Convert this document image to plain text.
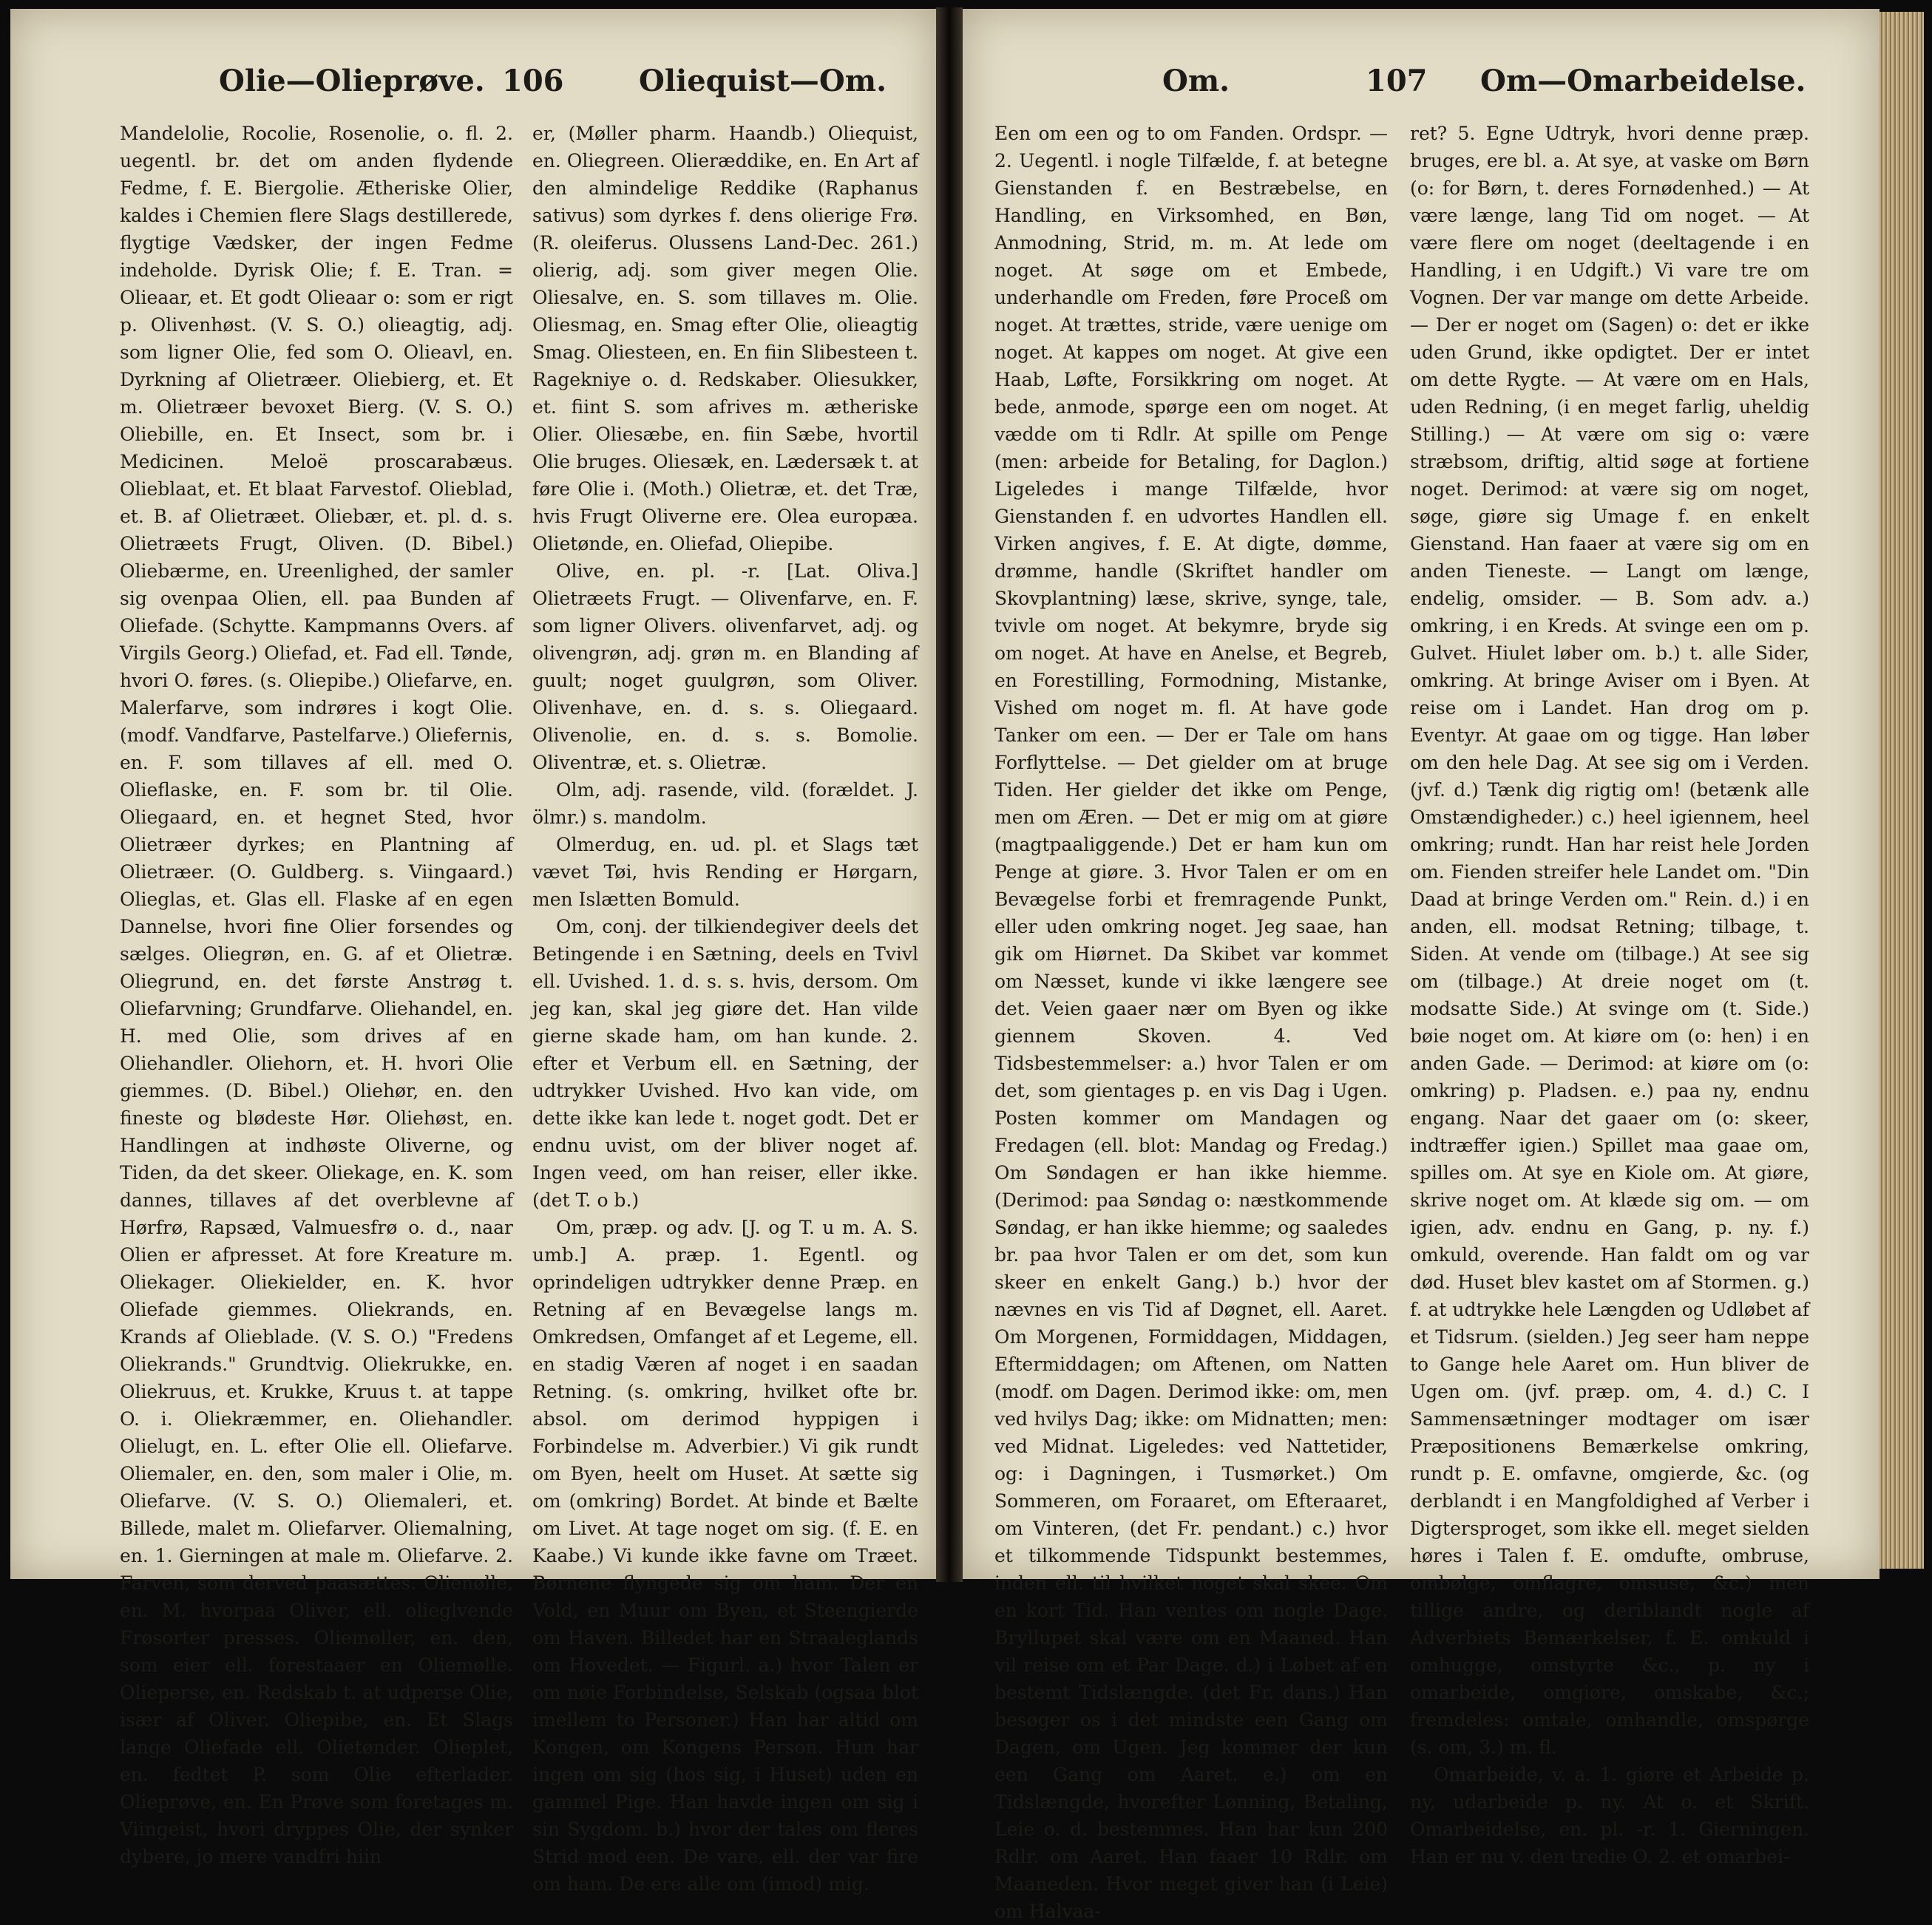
Olie—Olieprøve. 106	Oliequist—Om.

Mandelolie, Rocolie, Rosenolie, o. fl. 2. uegentl. br. det om anden flydende Fedme, f. E. Biergolie. Ætheriske Olier, kaldes i Chemien flere Slags destillerede, flygtige Vædsker, der ingen Fedme indeholde. Dyrisk Olie; f. E. Tran. = Olieaar, et. Et godt Olieaar o: som er rigt p. Olivenhøst. (V. S. O.) olieagtig, adj. som ligner Olie, fed som O. Olieavl, en. Dyrkning af Olietræer. Oliebierg, et. Et m. Olietræer bevoxet Bierg. (V. S. O.) Oliebille, en. Et Insect, som br. i Medicinen. Meloë proscarabæus. Olieblaat, et. Et blaat Farvestof. Olieblad, et. B. af Olietræet. Oliebær, et. pl. d. s. Olietræets Frugt, Oliven. (D. Bibel.) Oliebærme, en. Ureenlighed, der samler sig ovenpaa Olien, ell. paa Bunden af Oliefade. (Schytte. Kampmanns Overs. af Virgils Georg.) Oliefad, et. Fad ell. Tønde, hvori O. føres. (s. Oliepibe.) Oliefarve, en. Malerfarve, som indrøres i kogt Olie. (modf. Vandfarve, Pastelfarve.) Oliefernis, en. F. som tillaves af ell. med O. Olieflaske, en. F. som br. til Olie. Oliegaard, en. et hegnet Sted, hvor Olietræer dyrkes; en Plantning af Olietræer. (O. Guldberg. s. Viingaard.) Olieglas, et. Glas ell. Flaske af en egen Dannelse, hvori fine Olier forsendes og sælges. Oliegrøn, en. G. af et Olietræ. Oliegrund, en. det første Anstrøg t. Oliefarvning; Grundfarve. Oliehandel, en. H. med Olie, som drives af en Oliehandler. Oliehorn, et. H. hvori Olie giemmes. (D. Bibel.) Oliehør, en. den fineste og blødeste Hør. Oliehøst, en. Handlingen at indhøste Oliverne, og Tiden, da det skeer. Oliekage, en. K. som dannes, tillaves af det overblevne af Hørfrø, Rapsæd, Valmuesfrø o. d., naar Olien er afpresset. At fore Kreature m. Oliekager. Oliekielder, en. K. hvor Oliefade giemmes. Oliekrands, en. Krands af Olieblade. (V. S. O.) "Fredens Oliekrands." Grundtvig. Oliekrukke, en. Oliekruus, et. Krukke, Kruus t. at tappe O. i. Oliekræmmer, en. Oliehandler. Olielugt, en. L. efter Olie ell. Oliefarve. Oliemaler, en. den, som maler i Olie, m. Oliefarve. (V. S. O.) Oliemaleri, et. Billede, malet m. Oliefarver. Oliemalning, en. 1. Gierningen at male m. Oliefarve. 2. Farven, som derved paasættes. Olienølle, en. M. hvorpaa Oliver, ell. olieglvende Frøsorter presses. Oliemøller, en. den, som eier ell. forestaaer en Oliemølle. Olieperse, en. Redskab t. at udperse Olie, især af Oliver. Oliepibe, en. Et Slags lange Oliefade ell. Olietønder. Olieplet, en. fedtet P. som Olie efterlader. Olieprøve, en. En Prøve som foretages m. Viingeist, hvori dryppes Olie, der synker dybere, jo mere vandfri hiin

er, (Møller pharm. Haandb.) Oliequist, en. Oliegreen. Olieræddike, en. En Art af den almindelige Reddike (Raphanus sativus) som dyrkes f. dens olierige Frø. (R. oleiferus. Olussens Land-Dec. 261.) olierig, adj. som giver megen Olie. Oliesalve, en. S. som tillaves m. Olie. Oliesmag, en. Smag efter Olie, olieagtig Smag. Oliesteen, en. En fiin Slibesteen t. Ragekniye o. d. Redskaber. Oliesukker, et. fiint S. som afrives m. ætheriske Olier. Oliesæbe, en. fiin Sæbe, hvortil Olie bruges. Oliesæk, en. Lædersæk t. at føre Olie i. (Moth.) Olietræ, et. det Træ, hvis Frugt Oliverne ere. Olea europæa. Olietønde, en. Oliefad, Oliepibe.

Olive, en. pl. -r. [Lat. Oliva.] Olietræets Frugt. — Olivenfarve, en. F. som ligner Olivers. olivenfarvet, adj. og olivengrøn, adj. grøn m. en Blanding af guult; noget guulgrøn, som Oliver. Olivenhave, en. d. s. s. Oliegaard. Olivenolie, en. d. s. s. Bomolie. Oliventræ, et. s. Olietræ.

Olm, adj. rasende, vild. (forældet. J. ölmr.) s. mandolm.

Olmerdug, en. ud. pl. et Slags tæt vævet Tøi, hvis Rending er Hørgarn, men Islætten Bomuld.

Om, conj. der tilkiendegiver deels det Betingende i en Sætning, deels en Tvivl ell. Uvished. 1. d. s. s. hvis, dersom. Om jeg kan, skal jeg giøre det. Han vilde gierne skade ham, om han kunde. 2. efter et Verbum ell. en Sætning, der udtrykker Uvished. Hvo kan vide, om dette ikke kan lede t. noget godt. Det er endnu uvist, om der bliver noget af. Ingen veed, om han reiser, eller ikke. (det T. o b.)

Om, præp. og adv. [J. og T. u m. A. S. umb.] A. præp. 1. Egentl. og oprindeligen udtrykker denne Præp. en Retning af en Bevægelse langs m. Omkredsen, Omfanget af et Legeme, ell. en stadig Væren af noget i en saadan Retning. (s. omkring, hvilket ofte br. absol. om derimod hyppigen i Forbindelse m. Adverbier.) Vi gik rundt om Byen, heelt om Huset. At sætte sig om (omkring) Bordet. At binde et Bælte om Livet. At tage noget om sig. (f. E. en Kaabe.) Vi kunde ikke favne om Træet. Børnene flyngede sig om ham. Der en Vold, en Muur om Byen, et Steengierde om Haven. Billedet har en Straaleglands om Hovedet. — Figurl. a.) hvor Talen er om nøie Forbindelse, Selskab (ogsaa blot imellem to Personer.) Han har altid om Kongen, om Kongens Person. Hun har ingen om sig (hos sig, i Huset) uden en gammel Pige. Han havde ingen om sig i sin Sygdom. b.) hvor der tales om fleres Strid mod een. De vare, ell. der var fire om ham. De ere alle om (imod) mig.

Om.	107 Om—Omarbeidelse.

Een om een og to om Fanden. Ordspr. — 2. Uegentl. i nogle Tilfælde, f. at betegne Gienstanden f. en Bestræbelse, en Handling, en Virksomhed, en Bøn, Anmodning, Strid, m. m. At lede om noget. At søge om et Embede, underhandle om Freden, føre Proceß om noget. At trættes, stride, være uenige om noget. At kappes om noget. At give een Haab, Løfte, Forsikkring om noget. At bede, anmode, spørge een om noget. At vædde om ti Rdlr. At spille om Penge (men: arbeide for Betaling, for Daglon.) Ligeledes i mange Tilfælde, hvor Gienstanden f. en udvortes Handlen ell. Virken angives, f. E. At digte, dømme, drømme, handle (Skriftet handler om Skovplantning) læse, skrive, synge, tale, tvivle om noget. At bekymre, bryde sig om noget. At have en Anelse, et Begreb, en Forestilling, Formodning, Mistanke, Vished om noget m. fl. At have gode Tanker om een. — Der er Tale om hans Forflyttelse. — Det gielder om at bruge Tiden. Her gielder det ikke om Penge, men om Æren. — Det er mig om at giøre (magtpaaliggende.) Det er ham kun om Penge at giøre. 3. Hvor Talen er om en Bevægelse forbi et fremragende Punkt, eller uden omkring noget. Jeg saae, han gik om Hiørnet. Da Skibet var kommet om Næsset, kunde vi ikke længere see det. Veien gaaer nær om Byen og ikke giennem Skoven. 4. Ved Tidsbestemmelser: a.) hvor Talen er om det, som gientages p. en vis Dag i Ugen. Posten kommer om Mandagen og Fredagen (ell. blot: Mandag og Fredag.) Om Søndagen er han ikke hiemme. (Derimod: paa Søndag o: næstkommende Søndag, er han ikke hiemme; og saaledes br. paa hvor Talen er om det, som kun skeer en enkelt Gang.) b.) hvor der nævnes en vis Tid af Døgnet, ell. Aaret. Om Morgenen, Formiddagen, Middagen, Eftermiddagen; om Aftenen, om Natten (modf. om Dagen. Derimod ikke: om, men ved hvilys Dag; ikke: om Midnatten; men: ved Midnat. Ligeledes: ved Nattetider, og: i Dagningen, i Tusmørket.) Om Sommeren, om Foraaret, om Efteraaret, om Vinteren, (det Fr. pendant.) c.) hvor et tilkommende Tidspunkt bestemmes, inden ell. til hvilket noget skal skee. Om en kort Tid. Han ventes om nogle Dage. Bryllupet skal være om en Maaned. Han vil reise om et Par Dage. d.) i Løbet af en bestemt Tidslængde. (det Fr. dans.) Han besøger os i det mindste een Gang om Dagen, om Ugen. Jeg kommer der kun een Gang om Aaret. e.) om en Tidslængde, hvorefter Lønning, Betaling, Leie o. d. bestemmes. Han har kun 200 Rdlr. om Aaret. Han faaer 10 Rdlr. om Maaneden. Hvor meget giver han (i Leie) om Halvaa-

ret? 5. Egne Udtryk, hvori denne præp. bruges, ere bl. a. At sye, at vaske om Børn (o: for Børn, t. deres Fornødenhed.) — At være længe, lang Tid om noget. — At være flere om noget (deeltagende i en Handling, i en Udgift.) Vi vare tre om Vognen. Der var mange om dette Arbeide. — Der er noget om (Sagen) o: det er ikke uden Grund, ikke opdigtet. Der er intet om dette Rygte. — At være om en Hals, uden Redning, (i en meget farlig, uheldig Stilling.) — At være om sig o: være stræbsom, driftig, altid søge at fortiene noget. Derimod: at være sig om noget, søge, giøre sig Umage f. en enkelt Gienstand. Han faaer at være sig om en anden Tieneste. — Langt om længe, endelig, omsider. — B. Som adv. a.) omkring, i en Kreds. At svinge een om p. Gulvet. Hiulet løber om. b.) t. alle Sider, omkring. At bringe Aviser om i Byen. At reise om i Landet. Han drog om p. Eventyr. At gaae om og tigge. Han løber om den hele Dag. At see sig om i Verden. (jvf. d.) Tænk dig rigtig om! (betænk alle Omstændigheder.) c.) heel igiennem, heel omkring; rundt. Han har reist hele Jorden om. Fienden streifer hele Landet om. "Din Daad at bringe Verden om." Rein. d.) i en anden, ell. modsat Retning; tilbage, t. Siden. At vende om (tilbage.) At see sig om (tilbage.) At dreie noget om (t. modsatte Side.) At svinge om (t. Side.) bøie noget om. At kiøre om (o: hen) i en anden Gade. — Derimod: at kiøre om (o: omkring) p. Pladsen. e.) paa ny, endnu engang. Naar det gaaer om (o: skeer, indtræffer igien.) Spillet maa gaae om, spilles om. At sye en Kiole om. At giøre, skrive noget om. At klæde sig om. — om igien, adv. endnu en Gang, p. ny. f.) omkuld, overende. Han faldt om og var død. Huset blev kastet om af Stormen. g.) f. at udtrykke hele Længden og Udløbet af et Tidsrum. (sielden.) Jeg seer ham neppe to Gange hele Aaret om. Hun bliver de Ugen om. (jvf. præp. om, 4. d.) C. I Sammensætninger modtager om især Præpositionens Bemærkelse omkring, rundt p. E. omfavne, omgierde, &c. (og derblandt i en Mangfoldighed af Verber i Digtersproget, som ikke ell. meget sielden høres i Talen f. E. omdufte, ombruse, ombølge, omflagre, omsuse, &c.) men tillige andre, og deriblandt nogle af Adverbiets Bemærkelser, f. E. omkuld i omhugge, omstyrte &c., p. ny i omarbeide, omgiøre, omskabe, &c.; fremdeles: omtale, omhandle, omspørge (s. om, 3.) m. fl.

Omarbeide, v. a. 1. giøre et Arbeide p. ny, udarbeide p. ny. At o. et Skrift. Omarbeidelse, en. pl. -r. 1. Gierningen. Han er nu v. den tredie O. 2. et omarbei-
